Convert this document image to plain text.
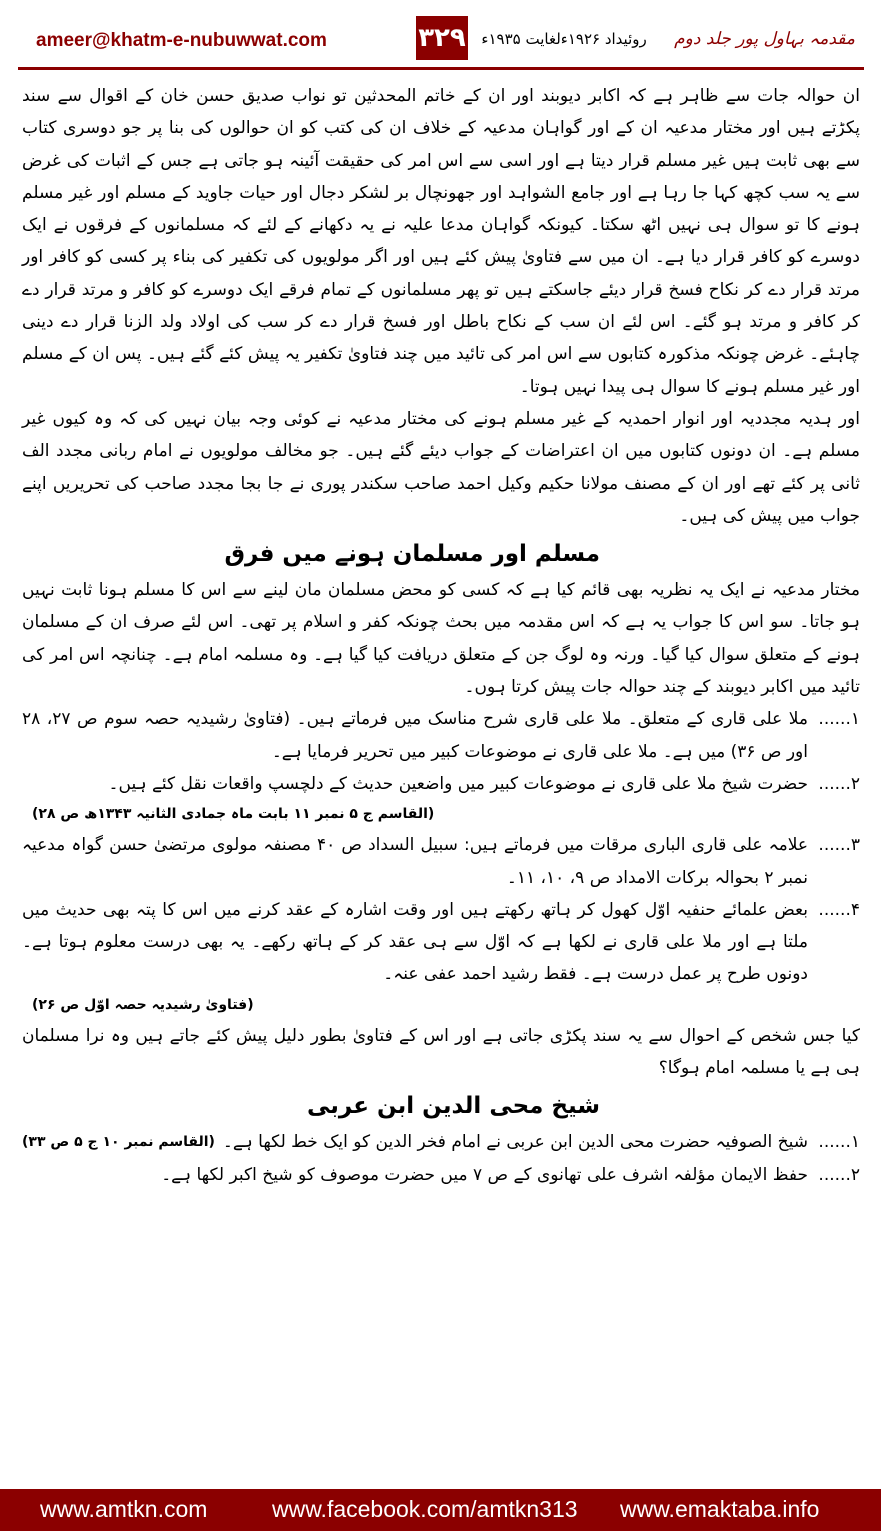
ameer@khatm-e-nubuwwat.com	۳۲۹	مقدمہ بہاول پور جلد دوم روئیداد ۱۹۲۶ءلغایت ۱۹۳۵ء

ان حوالہ جات سے ظاہر ہے کہ اکابر دیوبند اور ان کے خاتم المحدثین تو نواب صدیق حسن خان کے اقوال سے سند پکڑتے ہیں اور مختار مدعیہ ان کے اور گواہان مدعیہ کے خلاف ان کی کتب کو ان حوالوں کی بنا پر جو دوسری کتاب سے بھی ثابت ہیں غیر مسلم قرار دیتا ہے اور اسی سے اس امر کی حقیقت آئینہ ہو جاتی ہے جس کے اثبات کی غرض سے یہ سب کچھ کہا جا رہا ہے اور جامع الشواہد اور جھونچال بر لشکر دجال اور حیات جاوید کے مسلم اور غیر مسلم ہونے کا تو سوال ہی نہیں اٹھ سکتا۔ کیونکہ گواہان مدعا علیہ نے یہ دکھانے کے لئے کہ مسلمانوں کے فرقوں نے ایک دوسرے کو کافر قرار دیا ہے۔ ان میں سے فتاویٰ پیش کئے ہیں اور اگر مولویوں کی تکفیر کی بناء پر کسی کو کافر اور مرتد قرار دے کر نکاح فسخ قرار دیئے جاسکتے ہیں تو پھر مسلمانوں کے تمام فرقے ایک دوسرے کو کافر و مرتد قرار دے کر کافر و مرتد ہو گئے۔ اس لئے ان سب کے نکاح باطل اور فسخ قرار دے کر سب کی اولاد ولد الزنا قرار دے دینی چاہئے۔ غرض چونکہ مذکورہ کتابوں سے اس امر کی تائید میں چند فتاویٰ تکفیر یہ پیش کئے گئے ہیں۔ پس ان کے مسلم اور غیر مسلم ہونے کا سوال ہی پیدا نہیں ہوتا۔

اور ہدیہ مجددیہ اور انوار احمدیہ کے غیر مسلم ہونے کی مختار مدعیہ نے کوئی وجہ بیان نہیں کی کہ وہ کیوں غیر مسلم ہے۔ ان دونوں کتابوں میں ان اعتراضات کے جواب دیئے گئے ہیں۔ جو مخالف مولویوں نے امام ربانی مجدد الف ثانی پر کئے تھے اور ان کے مصنف مولانا حکیم وکیل احمد صاحب سکندر پوری نے جا بجا مجدد صاحب کی تحریریں اپنے جواب میں پیش کی ہیں۔

مسلم اور مسلمان ہونے میں فرق

مختار مدعیہ نے ایک یہ نظریہ بھی قائم کیا ہے کہ کسی کو محض مسلمان مان لینے سے اس کا مسلم ہونا ثابت نہیں ہو جاتا۔ سو اس کا جواب یہ ہے کہ اس مقدمہ میں بحث چونکہ کفر و اسلام پر تھی۔ اس لئے صرف ان کے مسلمان ہونے کے متعلق سوال کیا گیا۔ ورنہ وہ لوگ جن کے متعلق دریافت کیا گیا ہے۔ وہ مسلمہ امام ہے۔ چنانچہ اس امر کی تائید میں اکابر دیوبند کے چند حوالہ جات پیش کرتا ہوں۔

۱......
ملا علی قاری کے متعلق۔ ملا علی قاری شرح مناسک میں فرماتے ہیں۔ (فتاویٰ رشیدیہ حصہ سوم ص ۲۷، ۲۸ اور ص ۳۶) میں ہے۔ ملا علی قاری نے موضوعات کبیر میں تحریر فرمایا ہے۔
۲......
حضرت شیخ ملا علی قاری نے موضوعات کبیر میں واضعین حدیث کے دلچسپ واقعات نقل کئے ہیں۔

(القاسم ج ۵ نمبر ۱۱ بابت ماہ جمادی الثانیہ ۱۳۴۳ھ ص ۲۸)

۳......
علامہ علی قاری الباری مرقات میں فرماتے ہیں: سبیل السداد ص ۴۰ مصنفہ مولوی مرتضیٰ حسن گواہ مدعیہ نمبر ۲ بحوالہ برکات الامداد ص ۹، ۱۰، ۱۱۔
۴......
بعض علمائے حنفیہ اوّل کھول کر ہاتھ رکھتے ہیں اور وقت اشارہ کے عقد کرنے میں اس کا پتہ بھی حدیث میں ملتا ہے اور ملا علی قاری نے لکھا ہے کہ اوّل سے ہی عقد کر کے ہاتھ رکھے۔ یہ بھی درست معلوم ہوتا ہے۔ دونوں طرح پر عمل درست ہے۔ فقط رشید احمد عفی عنہ۔

(فتاویٰ رشیدیہ حصہ اوّل ص ۲۶)

کیا جس شخص کے احوال سے یہ سند پکڑی جاتی ہے اور اس کے فتاویٰ بطور دلیل پیش کئے جاتے ہیں وہ نرا مسلمان ہی ہے یا مسلمہ امام ہوگا؟

شیخ محی الدین ابن عربی
۱......
شیخ الصوفیہ حضرت محی الدین ابن عربی نے امام فخر الدین کو ایک خط لکھا ہے۔
(القاسم نمبر ۱۰ ج ۵ ص ۳۳)
۲......
حفظ الایمان مؤلفہ اشرف علی تھانوی کے ص ۷ میں حضرت موصوف کو شیخ اکبر لکھا ہے۔
www.amtkn.com	www.facebook.com/amtkn313 www.emaktaba.info
